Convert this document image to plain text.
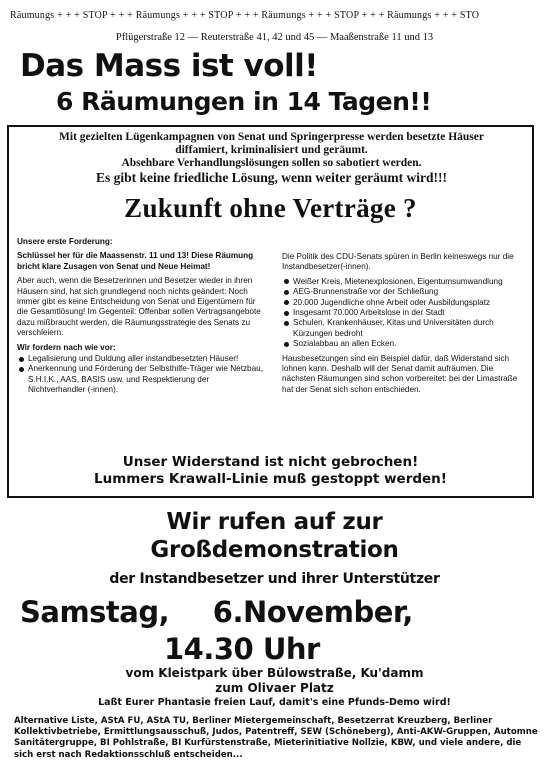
Räumungs + + + STOP + + + Räumungs + + + STOP + + + Räumungs + + + STOP + + + Räumungs + + + STO
Pflügerstraße 12 — Reuterstraße 41, 42 und 45 — Maaßenstraße 11 und 13
Das Mass ist voll!
6 Räumungen in 14 Tagen!!
Mit gezielten Lügenkampagnen von Senat und Springerpresse werden besetzte Häuser
diffamiert, kriminalisiert und geräumt.
Absehbare Verhandlungslösungen sollen so sabotiert werden.
Es gibt keine friedliche Lösung, wenn weiter geräumt wird!!!
Zukunft ohne Verträge ?

Unsere erste Forderung:

Schlüssel her für die Maassenstr. 11 und 13! Diese Räumung bricht klare Zusagen von Senat und Neue Heimat!

Aber auch, wenn die Besetzerinnen und Besetzer wieder in ihren Häusern sind, hat sich grundlegend noch nichts geändert: Noch immer gibt es keine Entscheidung von Senat und Eigentümern für die Gesamtlösung! Im Gegenteil: Offenbar sollen Vertragsangebote dazu mißbraucht werden, die Räumungsstrategie des Senats zu verschleiern.

Wir fordern nach wie vor:

Legalisierung und Duldung aller instandbesetzten Häuser!
Anerkennung und Förderung der Selbsthilfe-Träger wie Netzbau, S.H.I.K., AAS, BASIS usw. und Respektierung der Nichtverhandler (-innen).

Die Politik des CDU-Senats spüren in Berlin keineswegs nur die Instandbesetzer(-innen).

Weißer Kreis, Mietenexplosionen, Eigentumsumwandlung
AEG-Brunnenstraße vor der Schließung
20.000 Jugendliche ohne Arbeit oder Ausbildungsplatz
Insgesamt 70.000 Arbeitslose in der Stadt
Schulen, Krankenhäuser, Kitas und Universitäten durch Kürzungen bedroht
Sozialabbau an allen Ecken.

Hausbesetzungen sind ein Beispiel dafür, daß Widerstand sich lohnen kann. Deshalb will der Senat damit aufräumen. Die nächsten Räumungen sind schon vorbereitet: bei der Limastraße hat der Senat sich schon entschieden.

Unser Widerstand ist nicht gebrochen!
Lummers Krawall-Linie muß gestoppt werden!
Wir rufen auf zur
Großdemonstration
der Instandbesetzer und ihrer Unterstützer
Samstag, 6.November,
14.30 Uhr
vom Kleistpark über Bülowstraße, Ku'damm
zum Olivaer Platz
Laßt Eurer Phantasie freien Lauf, damit's eine Pfunds-Demo wird!
Alternative Liste, AStA FU, AStA TU, Berliner Mietergemeinschaft, Besetzerrat Kreuzberg, Berliner Kollektivbetriebe, Ermittlungsausschuß, Judos, Patentreff, SEW (Schöneberg), Anti-AKW-Gruppen, Automne Sanitätergruppe, BI Pohlstraße, BI Kurfürstenstraße, Mieterinitiative Nollzie, KBW, und viele andere, die sich erst nach Redaktionsschluß entscheiden...
